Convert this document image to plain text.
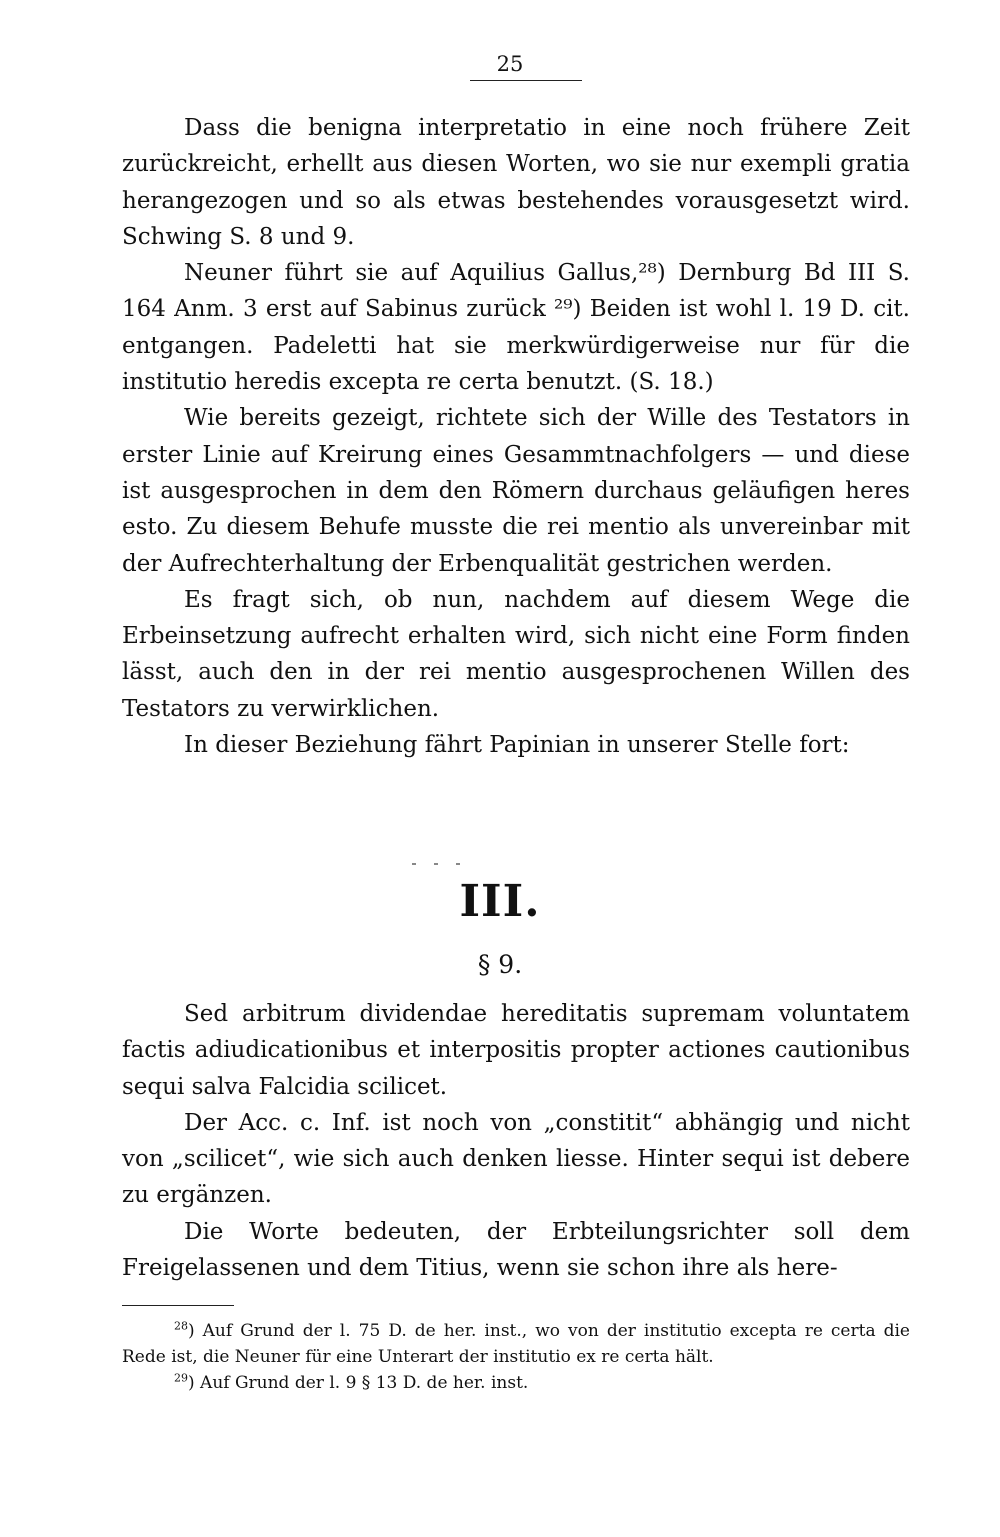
25

Dass die benigna interpretatio in eine noch frühere Zeit zurückreicht, erhellt aus diesen Worten, wo sie nur exempli gratia herangezogen und so als etwas bestehendes vorausgesetzt wird. Schwing S. 8 und 9.

Neuner führt sie auf Aquilius Gallus,²⁸) Dernburg Bd III S. 164 Anm. 3 erst auf Sabinus zurück ²⁹) Beiden ist wohl l. 19 D. cit. entgangen. Padeletti hat sie merkwürdigerweise nur für die institutio heredis excepta re certa benutzt. (S. 18.)

Wie bereits gezeigt, richtete sich der Wille des Testators in erster Linie auf Kreirung eines Gesammtnachfolgers — und diese ist ausgesprochen in dem den Römern durchaus geläufigen heres esto. Zu diesem Behufe musste die rei mentio als unvereinbar mit der Aufrechterhaltung der Erbenqualität gestrichen werden.

Es fragt sich, ob nun, nachdem auf diesem Wege die Erbeinsetzung aufrecht erhalten wird, sich nicht eine Form finden lässt, auch den in der rei mentio ausgesprochenen Willen des Testators zu verwirklichen.

In dieser Beziehung fährt Papinian in unserer Stelle fort:

III.
§ 9.

Sed arbitrum dividendae hereditatis supremam voluntatem factis adiudicationibus et interpositis propter actiones cautionibus sequi salva Falcidia scilicet.

Der Acc. c. Inf. ist noch von „constitit“ abhängig und nicht von „scilicet“, wie sich auch denken liesse. Hinter sequi ist debere zu ergänzen.

Die Worte bedeuten, der Erbteilungsrichter soll dem Freigelassenen und dem Titius, wenn sie schon ihre als here-

$^{28}$) Auf Grund der l. 75 D. de her. inst., wo von der institutio excepta re certa die Rede ist, die Neuner für eine Unterart der institutio ex re certa hält.

$^{29}$) Auf Grund der l. 9 § 13 D. de her. inst.
